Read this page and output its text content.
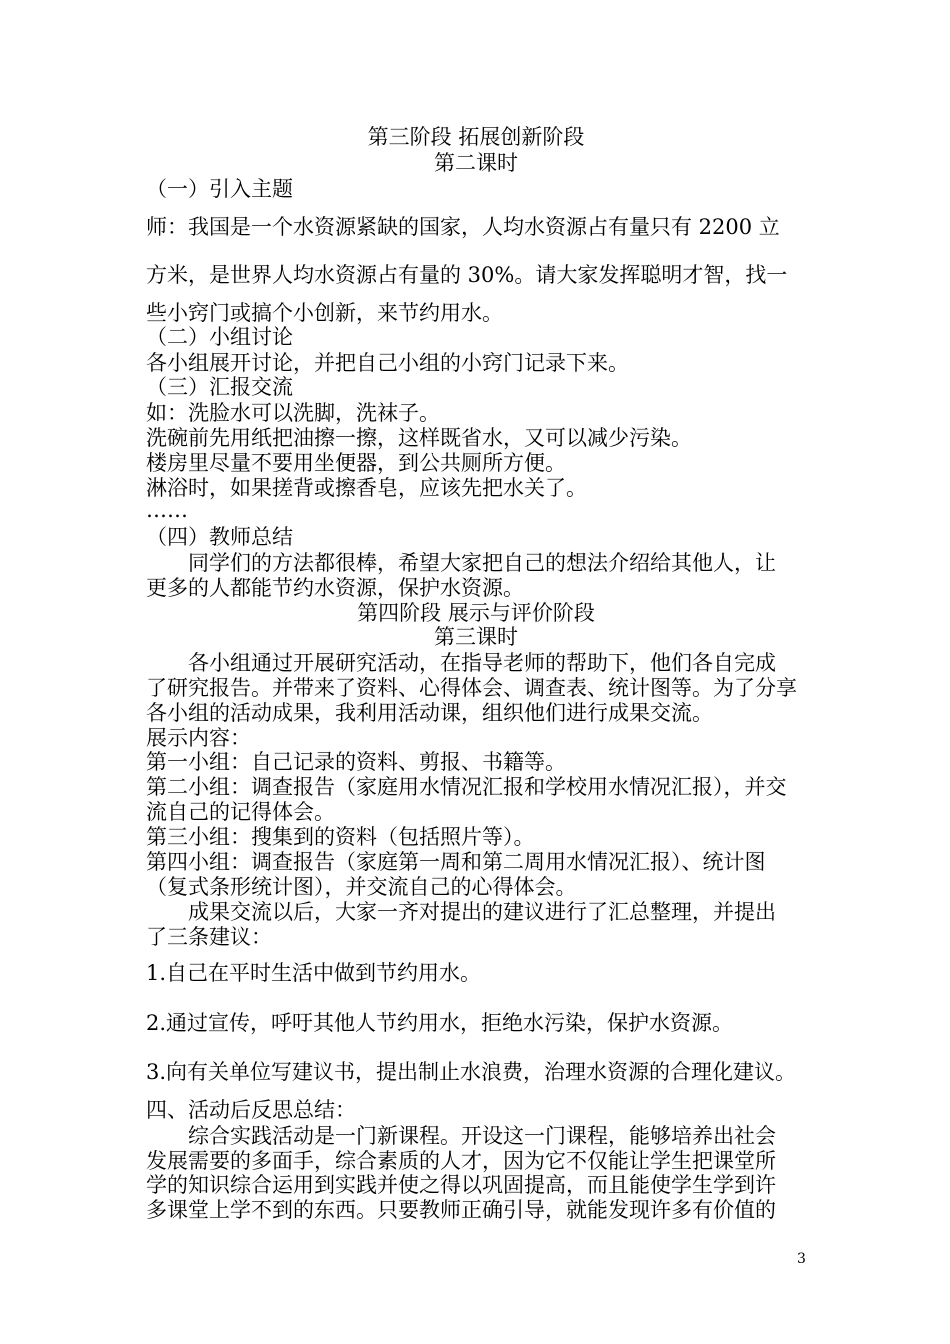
第三阶段 拓展创新阶段
第二课时
（一）引入主题
师：我国是一个水资源紧缺的国家，人均水资源占有量只有 2200 立
方米，是世界人均水资源占有量的 30%。请大家发挥聪明才智，找一
些小窍门或搞个小创新，来节约用水。
（二）小组讨论
各小组展开讨论，并把自己小组的小窍门记录下来。
（三）汇报交流
如：洗脸水可以洗脚，洗袜子。
洗碗前先用纸把油擦一擦，这样既省水，又可以减少污染。
楼房里尽量不要用坐便器，到公共厕所方便。
淋浴时，如果搓背或擦香皂，应该先把水关了。
……
（四）教师总结
同学们的方法都很棒，希望大家把自己的想法介绍给其他人，让
更多的人都能节约水资源，保护水资源。
第四阶段 展示与评价阶段
第三课时
各小组通过开展研究活动，在指导老师的帮助下，他们各自完成
了研究报告。并带来了资料、心得体会、调查表、统计图等。为了分享
各小组的活动成果，我利用活动课，组织他们进行成果交流。
展示内容：
第一小组：自己记录的资料、剪报、书籍等。
第二小组：调查报告（家庭用水情况汇报和学校用水情况汇报），并交
流自己的记得体会。
第三小组：搜集到的资料（包括照片等）。
第四小组：调查报告（家庭第一周和第二周用水情况汇报）、统计图
（复式条形统计图），并交流自己的心得体会。
成果交流以后，大家一齐对提出的建议进行了汇总整理，并提出
了三条建议：
1.自己在平时生活中做到节约用水。
2.通过宣传，呼吁其他人节约用水，拒绝水污染，保护水资源。
3.向有关单位写建议书，提出制止水浪费，治理水资源的合理化建议。
四、活动后反思总结：
综合实践活动是一门新课程。开设这一门课程，能够培养出社会
发展需要的多面手，综合素质的人才，因为它不仅能让学生把课堂所
学的知识综合运用到实践并使之得以巩固提高，而且能使学生学到许
多课堂上学不到的东西。只要教师正确引导，就能发现许多有价值的
3
